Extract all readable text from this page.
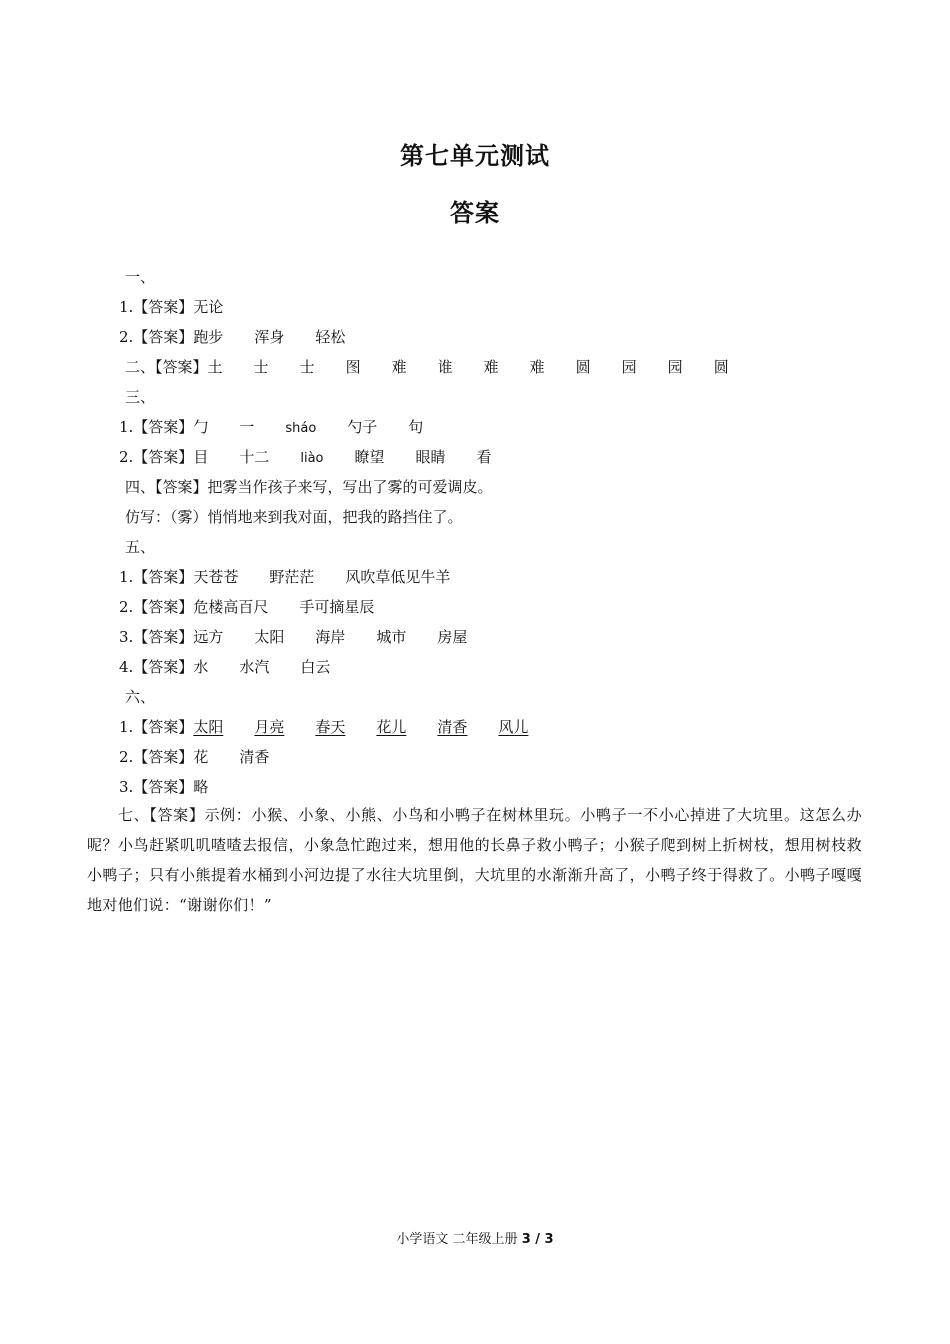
第七单元测试
答案
一、
1.【答案】无论
2.【答案】跑步 浑身 轻松
二、【答案】土 士 士 图 难 谁 难 难 圆 园 园 圆
三、
1.【答案】勹 一 sháo 勺子 句
2.【答案】目 十二 liào 瞭望 眼睛 看
四、【答案】把雾当作孩子来写，写出了雾的可爱调皮。
仿写：（雾）悄悄地来到我对面，把我的路挡住了。
五、
1.【答案】天苍苍 野茫茫 风吹草低见牛羊
2.【答案】危楼高百尺 手可摘星辰
3.【答案】远方 太阳 海岸 城市 房屋
4.【答案】水 水汽 白云
六、
1.【答案】太阳 月亮 春天 花儿 清香 风儿
2.【答案】花 清香
3.【答案】略
七、【答案】示例：小猴、小象、小熊、小鸟和小鸭子在树林里玩。小鸭子一不小心掉进了大坑里。这怎么办呢？小鸟赶紧叽叽喳喳去报信，小象急忙跑过来，想用他的长鼻子救小鸭子；小猴子爬到树上折树枝，想用树枝救小鸭子；只有小熊提着水桶到小河边提了水往大坑里倒，大坑里的水渐渐升高了，小鸭子终于得救了。小鸭子嘎嘎地对他们说：“谢谢你们！”
小学语文 二年级上册 3 / 3
